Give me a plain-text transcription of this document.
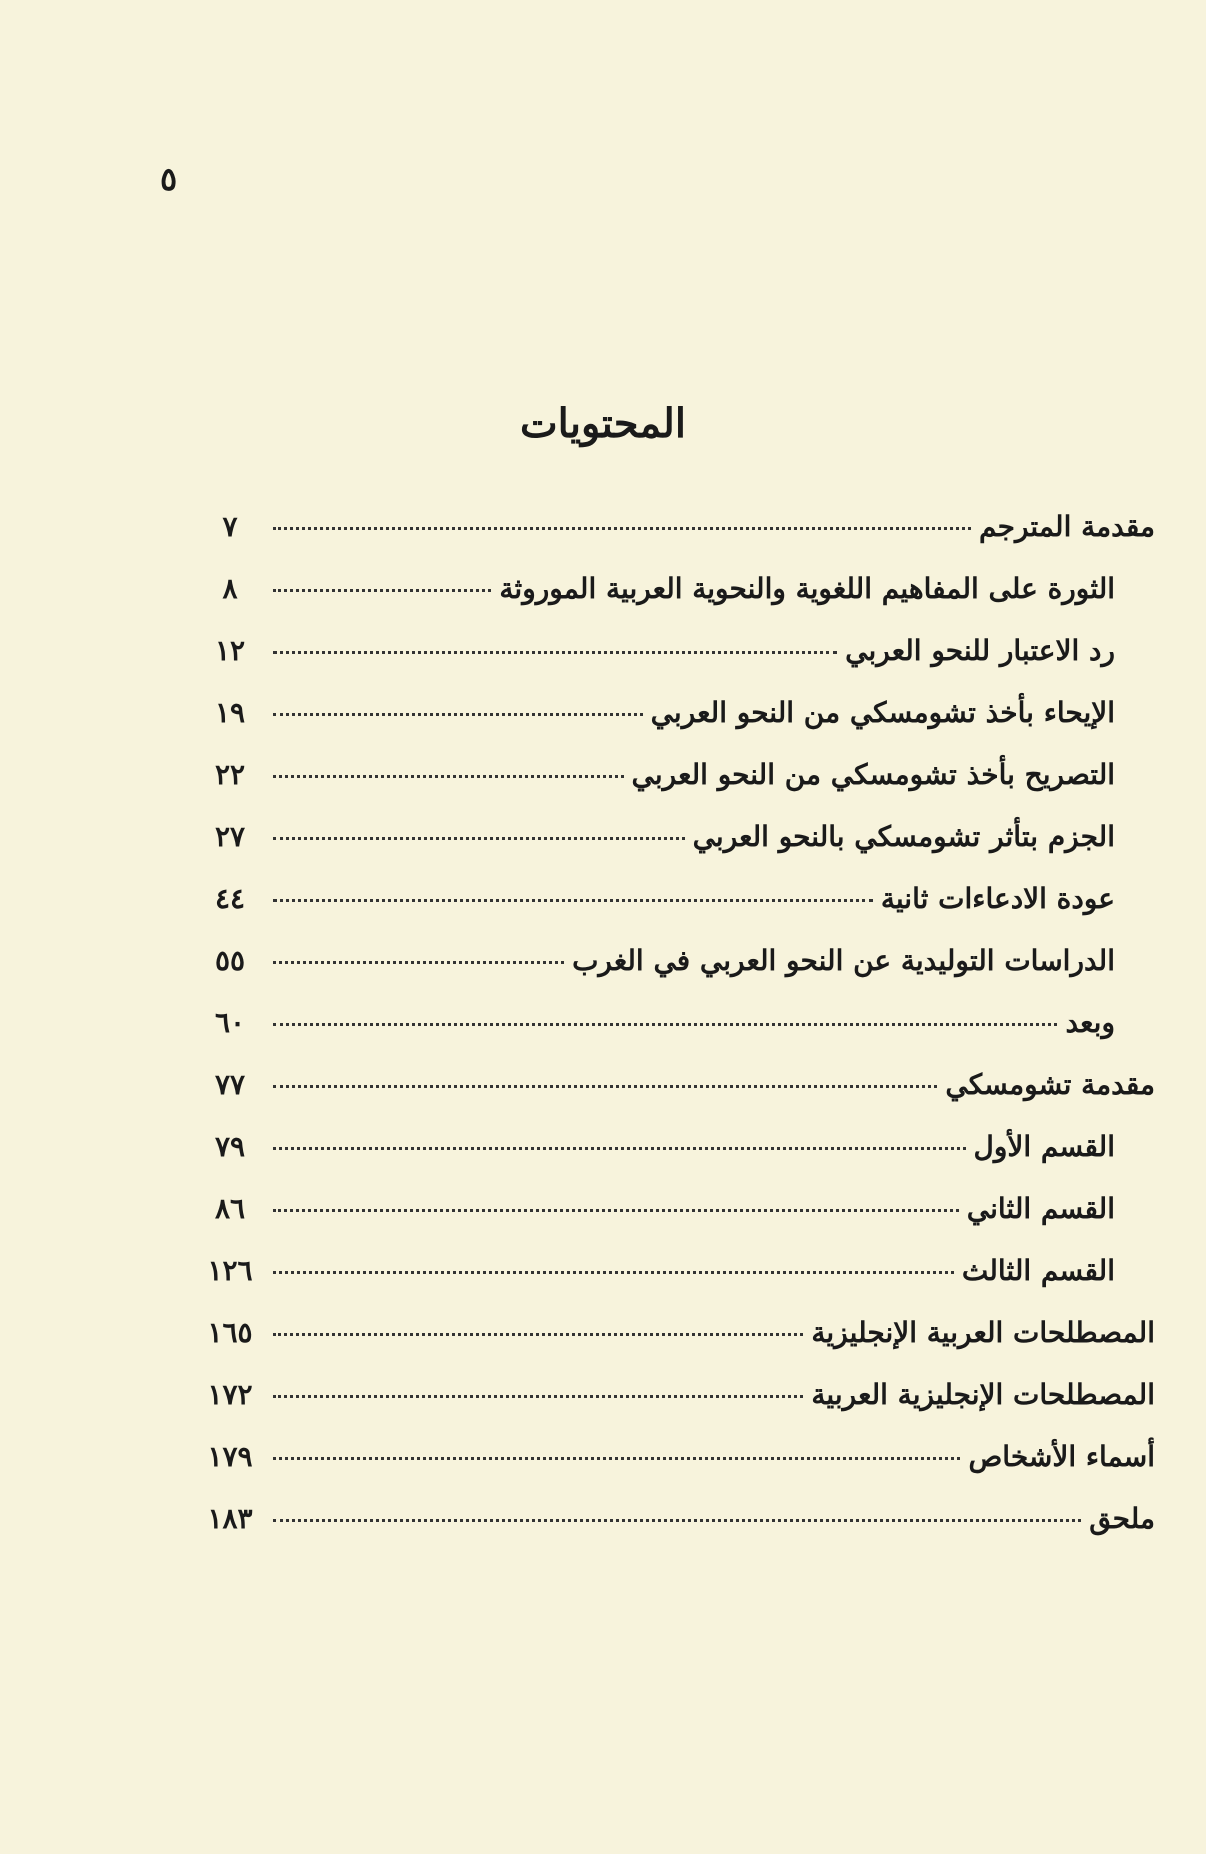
٥
المحتويات
مقدمة المترجم
٧
الثورة على المفاهيم اللغوية والنحوية العربية الموروثة
٨
رد الاعتبار للنحو العربي
١٢
الإيحاء بأخذ تشومسكي من النحو العربي
١٩
التصريح بأخذ تشومسكي من النحو العربي
٢٢
الجزم بتأثر تشومسكي بالنحو العربي
٢٧
عودة الادعاءات ثانية
٤٤
الدراسات التوليدية عن النحو العربي في الغرب
٥٥
وبعد
٦٠
مقدمة تشومسكي
٧٧
القسم الأول
٧٩
القسم الثاني
٨٦
القسم الثالث
١٢٦
المصطلحات العربية الإنجليزية
١٦٥
المصطلحات الإنجليزية العربية
١٧٢
أسماء الأشخاص
١٧٩
ملحق
١٨٣
